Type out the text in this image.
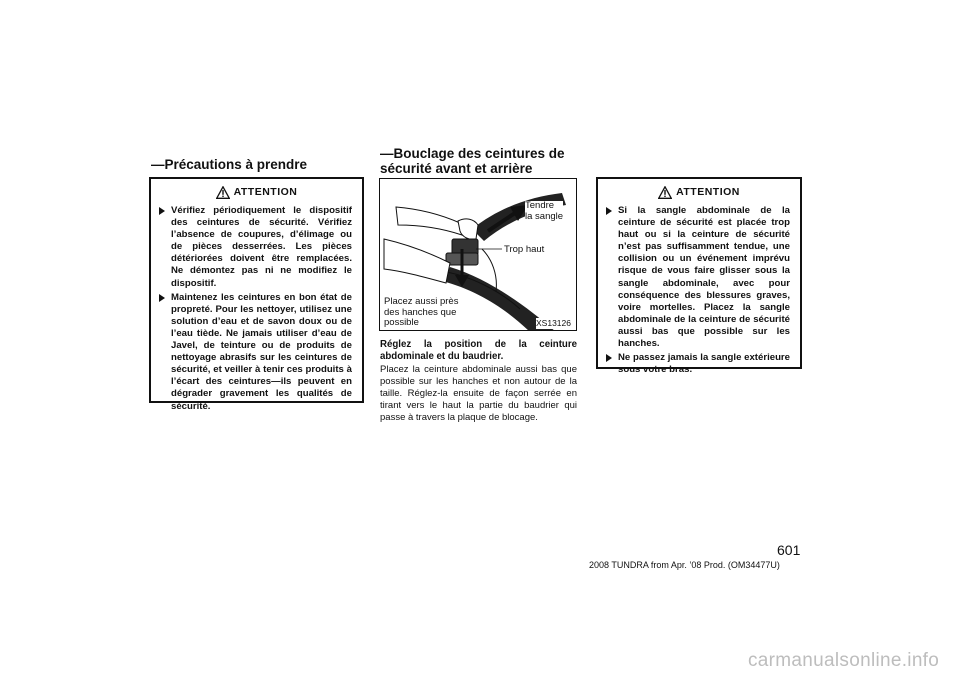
—Précautions à prendre
ATTENTION
Vérifiez périodiquement le dispositif des ceintures de sécurité. Vérifiez l’absence de coupures, d’élimage ou de pièces desserrées. Les pièces détériorées doivent être remplacées. Ne démontez pas ni ne modifiez le dispositif.
Maintenez les ceintures en bon état de propreté. Pour les nettoyer, utilisez une solution d’eau et de savon doux ou de l’eau tiède. Ne jamais utiliser d’eau de Javel, de teinture ou de produits de nettoyage abrasifs sur les ceintures de sécurité, et veiller à tenir ces produits à l’écart des ceintures—ils peuvent en dégrader gravement les qualités de sécurité.
—Bouclage des ceintures de
sécurité avant et arrière
Tendre
la sangle
Trop haut
Placez aussi près
des hanches que
possible	XS13126
Réglez la position de la ceinture abdominale et du baudrier.
Placez la ceinture abdominale aussi bas que possible sur les hanches et non autour de la taille. Réglez-la ensuite de façon serrée en tirant vers le haut la partie du baudrier qui passe à travers la plaque de blocage.
ATTENTION
Si la sangle abdominale de la ceinture de sécurité est placée trop haut ou si la ceinture de sécurité n’est pas suffisamment tendue, une collision ou un événement imprévu risque de vous faire glisser sous la sangle abdominale, avec pour conséquence des blessures graves, voire mortelles. Placez la sangle abdominale de la ceinture de sécurité aussi bas que possible sur les hanches.
Ne passez jamais la sangle extérieure sous votre bras.
601
2008 TUNDRA from Apr. ’08 Prod. (OM34477U)
carmanualsonline.info
